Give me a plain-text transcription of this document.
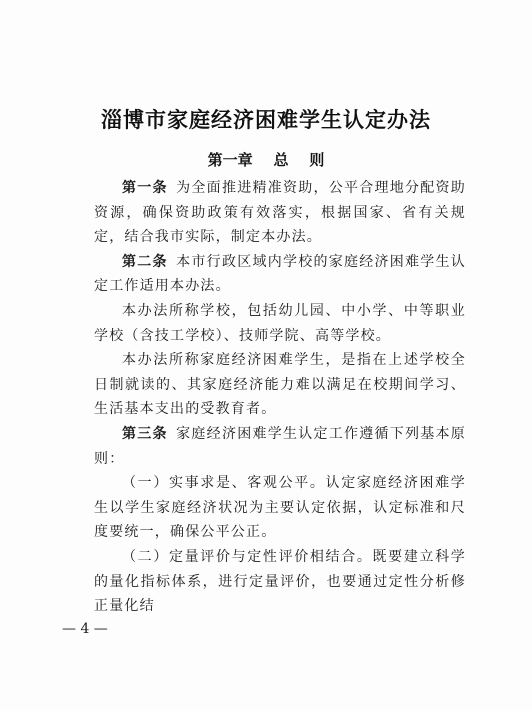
淄博市家庭经济困难学生认定办法
第一章    总    则

第一条 为全面推进精准资助，公平合理地分配资助资源，确保资助政策有效落实，根据国家、省有关规定，结合我市实际，制定本办法。

第二条 本市行政区域内学校的家庭经济困难学生认定工作适用本办法。

本办法所称学校，包括幼儿园、中小学、中等职业学校（含技工学校）、技师学院、高等学校。

本办法所称家庭经济困难学生，是指在上述学校全日制就读的、其家庭经济能力难以满足在校期间学习、生活基本支出的受教育者。

第三条 家庭经济困难学生认定工作遵循下列基本原则：

（一）实事求是、客观公平。认定家庭经济困难学生以学生家庭经济状况为主要认定依据，认定标准和尺度要统一，确保公平公正。

（二）定量评价与定性评价相结合。既要建立科学的量化指标体系，进行定量评价，也要通过定性分析修正量化结

— 4 —
